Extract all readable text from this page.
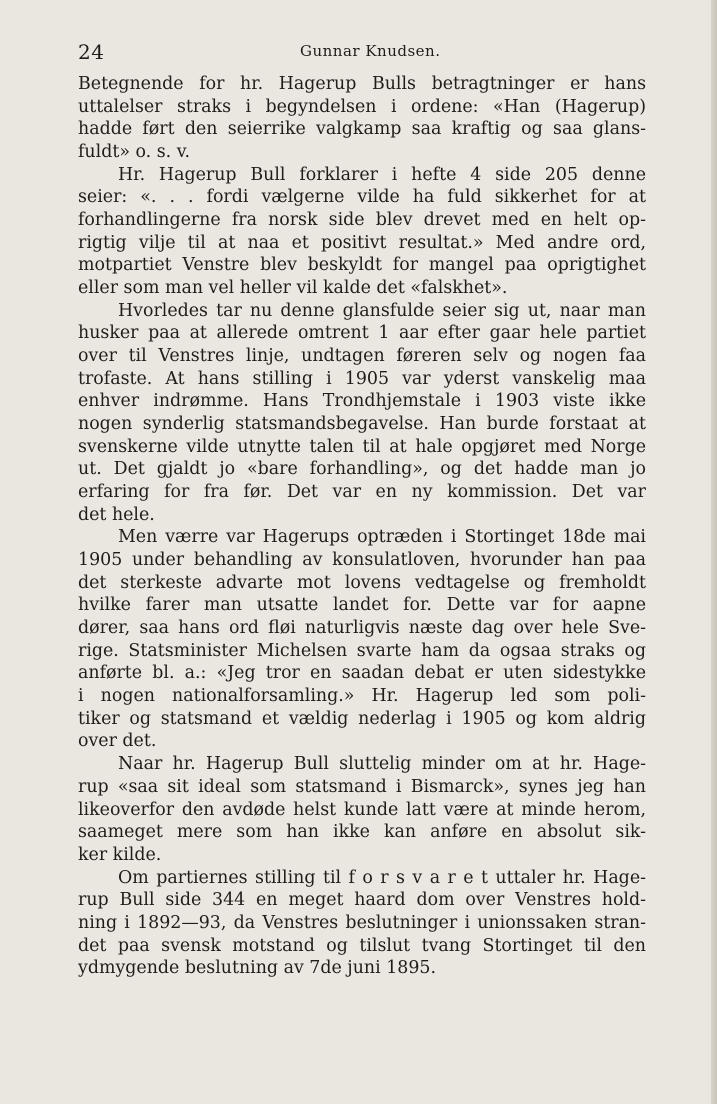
24	Gunnar Knudsen.
Betegnende for hr. Hagerup Bulls betragtninger er hans
uttalelser straks i begyndelsen i ordene: «Han (Hagerup)
hadde ført den seierrike valgkamp saa kraftig og saa glans-
fuldt» o. s. v.
Hr. Hagerup Bull forklarer i hefte 4 side 205 denne
seier: «. . . fordi vælgerne vilde ha fuld sikkerhet for at
forhandlingerne fra norsk side blev drevet med en helt op-
rigtig vilje til at naa et positivt resultat.» Med andre ord,
motpartiet Venstre blev beskyldt for mangel paa oprigtighet
eller som man vel heller vil kalde det «falskhet».
Hvorledes tar nu denne glansfulde seier sig ut, naar man
husker paa at allerede omtrent 1 aar efter gaar hele partiet
over til Venstres linje, undtagen føreren selv og nogen faa
trofaste. At hans stilling i 1905 var yderst vanskelig maa
enhver indrømme. Hans Trondhjemstale i 1903 viste ikke
nogen synderlig statsmandsbegavelse. Han burde forstaat at
svenskerne vilde utnytte talen til at hale opgjøret med Norge
ut. Det gjaldt jo «bare forhandling», og det hadde man jo
erfaring for fra før. Det var en ny kommission. Det var
det hele.
Men værre var Hagerups optræden i Stortinget 18de mai
1905 under behandling av konsulatloven, hvorunder han paa
det sterkeste advarte mot lovens vedtagelse og fremholdt
hvilke farer man utsatte landet for. Dette var for aapne
dører, saa hans ord fløi naturligvis næste dag over hele Sve-
rige. Statsminister Michelsen svarte ham da ogsaa straks og
anførte bl. a.: «Jeg tror en saadan debat er uten sidestykke
i nogen nationalforsamling.» Hr. Hagerup led som poli-
tiker og statsmand et vældig nederlag i 1905 og kom aldrig
over det.
Naar hr. Hagerup Bull sluttelig minder om at hr. Hage-
rup «saa sit ideal som statsmand i Bismarck», synes jeg han
likeoverfor den avdøde helst kunde latt være at minde herom,
saameget mere som han ikke kan anføre en absolut sik-
ker kilde.
Om partiernes stilling til f o r s v a r e t uttaler hr. Hage-
rup Bull side 344 en meget haard dom over Venstres hold-
ning i 1892—93, da Venstres beslutninger i unionssaken stran-
det paa svensk motstand og tilslut tvang Stortinget til den
ydmygende beslutning av 7de juni 1895.
